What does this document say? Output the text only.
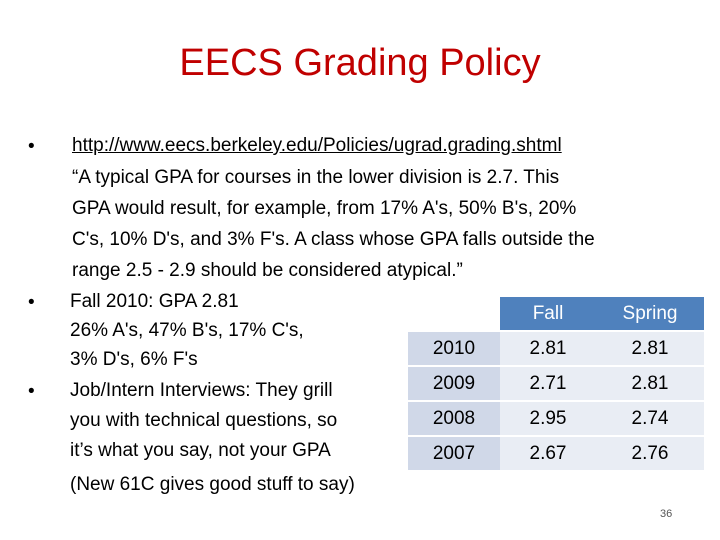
EECS Grading Policy
• http://www.eecs.berkeley.edu/Policies/ugrad.grading.shtml
“A typical GPA for courses in the lower division is 2.7. This
GPA would result, for example, from 17% A's, 50% B's, 20%
C's, 10% D's, and 3% F's. A class whose GPA falls outside the
range 2.5 - 2.9 should be considered atypical.”
• Fall 2010: GPA 2.81
26% A's, 47% B's, 17% C's,
3% D's, 6% F's
• Job/Intern Interviews: They grill
you with technical questions, so
it’s what you say, not your GPA
(New 61C gives good stuff to say)
	Fall	Spring
2010	2.81	2.81
2009	2.71	2.81
2008	2.95	2.74
2007	2.67	2.76
36
